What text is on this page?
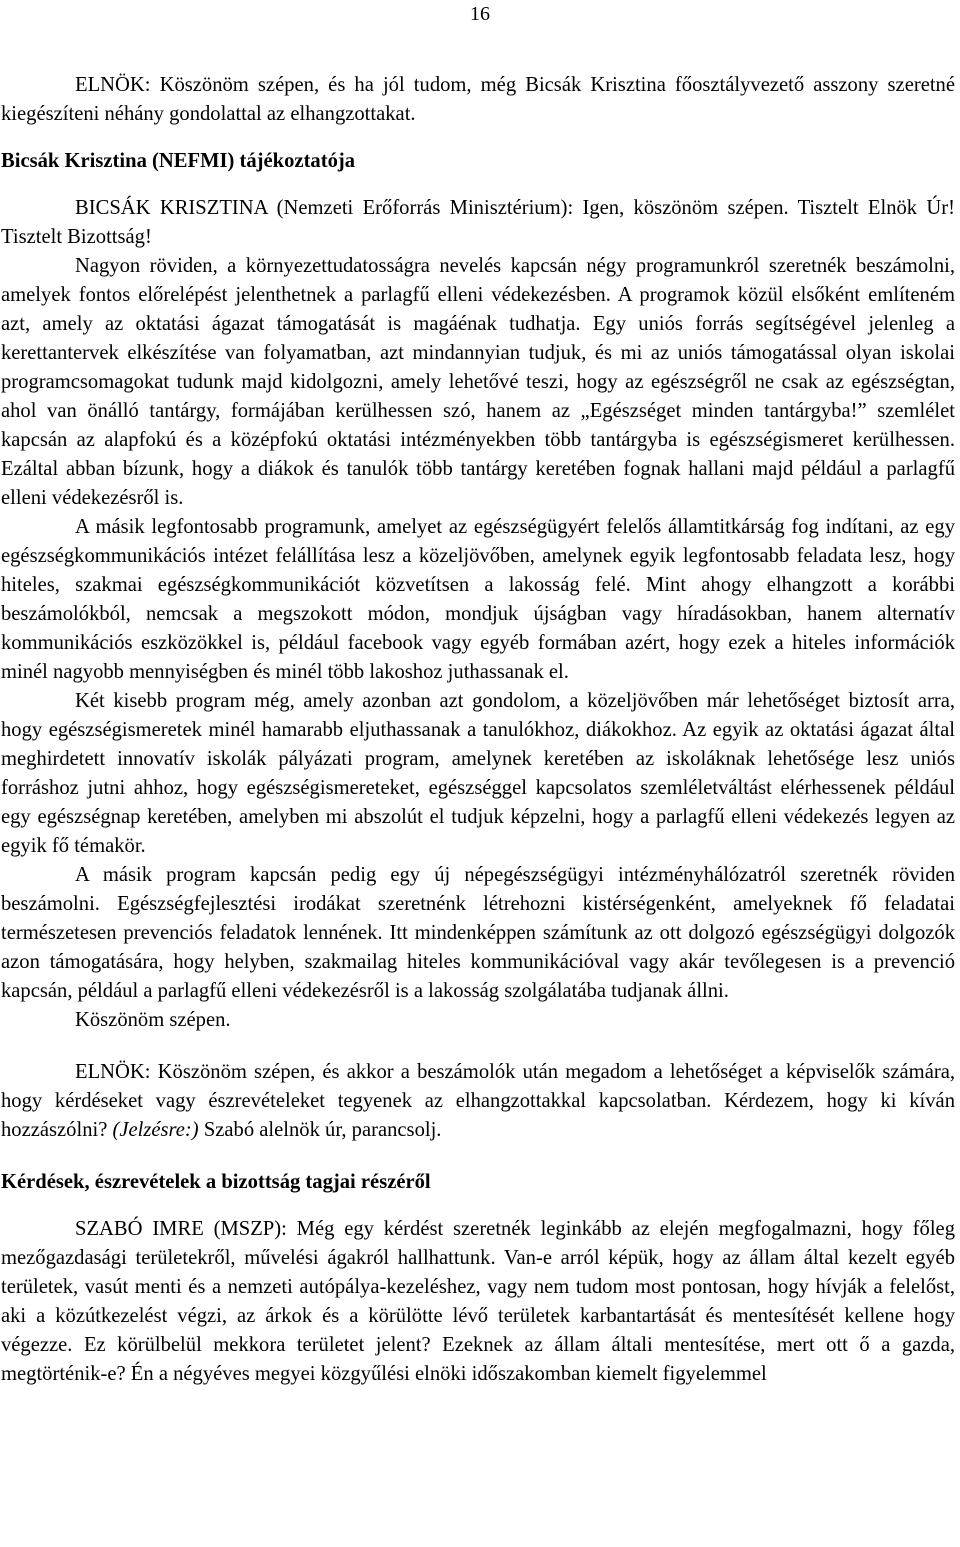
16

ELNÖK: Köszönöm szépen, és ha jól tudom, még Bicsák Krisztina főosztályvezető asszony szeretné kiegészíteni néhány gondolattal az elhangzottakat.

Bicsák Krisztina (NEFMI) tájékoztatója

BICSÁK KRISZTINA (Nemzeti Erőforrás Minisztérium): Igen, köszönöm szépen. Tisztelt Elnök Úr! Tisztelt Bizottság!

Nagyon röviden, a környezettudatosságra nevelés kapcsán négy programunkról szeretnék beszámolni, amelyek fontos előrelépést jelenthetnek a parlagfű elleni védekezésben. A programok közül elsőként említeném azt, amely az oktatási ágazat támogatását is magáénak tudhatja. Egy uniós forrás segítségével jelenleg a kerettantervek elkészítése van folyamatban, azt mindannyian tudjuk, és mi az uniós támogatással olyan iskolai programcsomagokat tudunk majd kidolgozni, amely lehetővé teszi, hogy az egészségről ne csak az egészségtan, ahol van önálló tantárgy, formájában kerülhessen szó, hanem az „Egészséget minden tantárgyba!” szemlélet kapcsán az alapfokú és a középfokú oktatási intézményekben több tantárgyba is egészségismeret kerülhessen. Ezáltal abban bízunk, hogy a diákok és tanulók több tantárgy keretében fognak hallani majd például a parlagfű elleni védekezésről is.

A másik legfontosabb programunk, amelyet az egészségügyért felelős államtitkárság fog indítani, az egy egészségkommunikációs intézet felállítása lesz a közeljövőben, amelynek egyik legfontosabb feladata lesz, hogy hiteles, szakmai egészségkommunikációt közvetítsen a lakosság felé. Mint ahogy elhangzott a korábbi beszámolókból, nemcsak a megszokott módon, mondjuk újságban vagy híradásokban, hanem alternatív kommunikációs eszközökkel is, például facebook vagy egyéb formában azért, hogy ezek a hiteles információk minél nagyobb mennyiségben és minél több lakoshoz juthassanak el.

Két kisebb program még, amely azonban azt gondolom, a közeljövőben már lehetőséget biztosít arra, hogy egészségismeretek minél hamarabb eljuthassanak a tanulókhoz, diákokhoz. Az egyik az oktatási ágazat által meghirdetett innovatív iskolák pályázati program, amelynek keretében az iskoláknak lehetősége lesz uniós forráshoz jutni ahhoz, hogy egészségismereteket, egészséggel kapcsolatos szemléletváltást elérhessenek például egy egészségnap keretében, amelyben mi abszolút el tudjuk képzelni, hogy a parlagfű elleni védekezés legyen az egyik fő témakör.

A másik program kapcsán pedig egy új népegészségügyi intézményhálózatról szeretnék röviden beszámolni. Egészségfejlesztési irodákat szeretnénk létrehozni kistérségenként, amelyeknek fő feladatai természetesen prevenciós feladatok lennének. Itt mindenképpen számítunk az ott dolgozó egészségügyi dolgozók azon támogatására, hogy helyben, szakmailag hiteles kommunikációval vagy akár tevőlegesen is a prevenció kapcsán, például a parlagfű elleni védekezésről is a lakosság szolgálatába tudjanak állni.

Köszönöm szépen.

ELNÖK: Köszönöm szépen, és akkor a beszámolók után megadom a lehetőséget a képviselők számára, hogy kérdéseket vagy észrevételeket tegyenek az elhangzottakkal kapcsolatban. Kérdezem, hogy ki kíván hozzászólni? (Jelzésre:) Szabó alelnök úr, parancsolj.

Kérdések, észrevételek a bizottság tagjai részéről

SZABÓ IMRE (MSZP): Még egy kérdést szeretnék leginkább az elején megfogalmazni, hogy főleg mezőgazdasági területekről, művelési ágakról hallhattunk. Van-e arról képük, hogy az állam által kezelt egyéb területek, vasút menti és a nemzeti autópálya-kezeléshez, vagy nem tudom most pontosan, hogy hívják a felelőst, aki a közútkezelést végzi, az árkok és a körülötte lévő területek karbantartását és mentesítését kellene hogy végezze. Ez körülbelül mekkora területet jelent? Ezeknek az állam általi mentesítése, mert ott ő a gazda, megtörténik-e? Én a négyéves megyei közgyűlési elnöki időszakomban kiemelt figyelemmel
